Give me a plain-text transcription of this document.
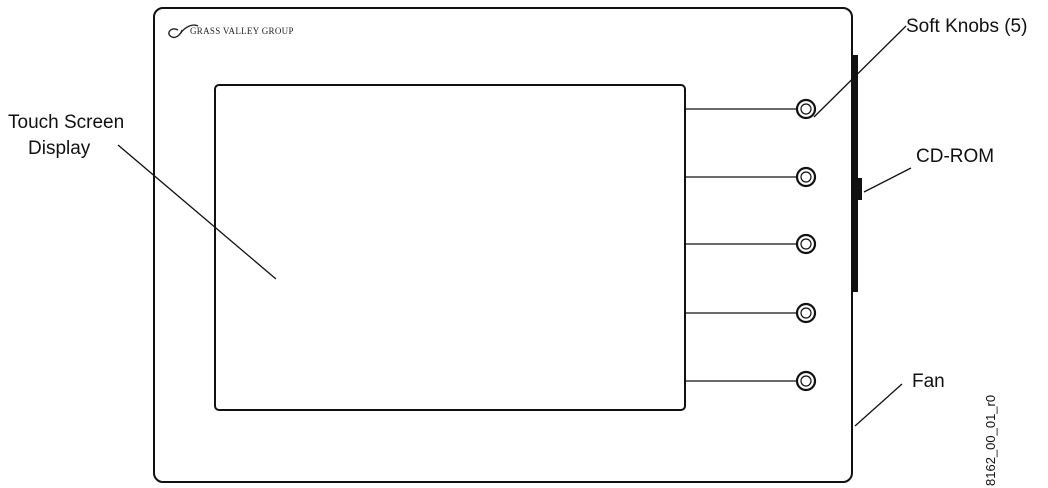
GRASS VALLEY GROUP
Touch Screen
Display
Soft Knobs (5)
CD-ROM
Fan
8162_00_01_r0
